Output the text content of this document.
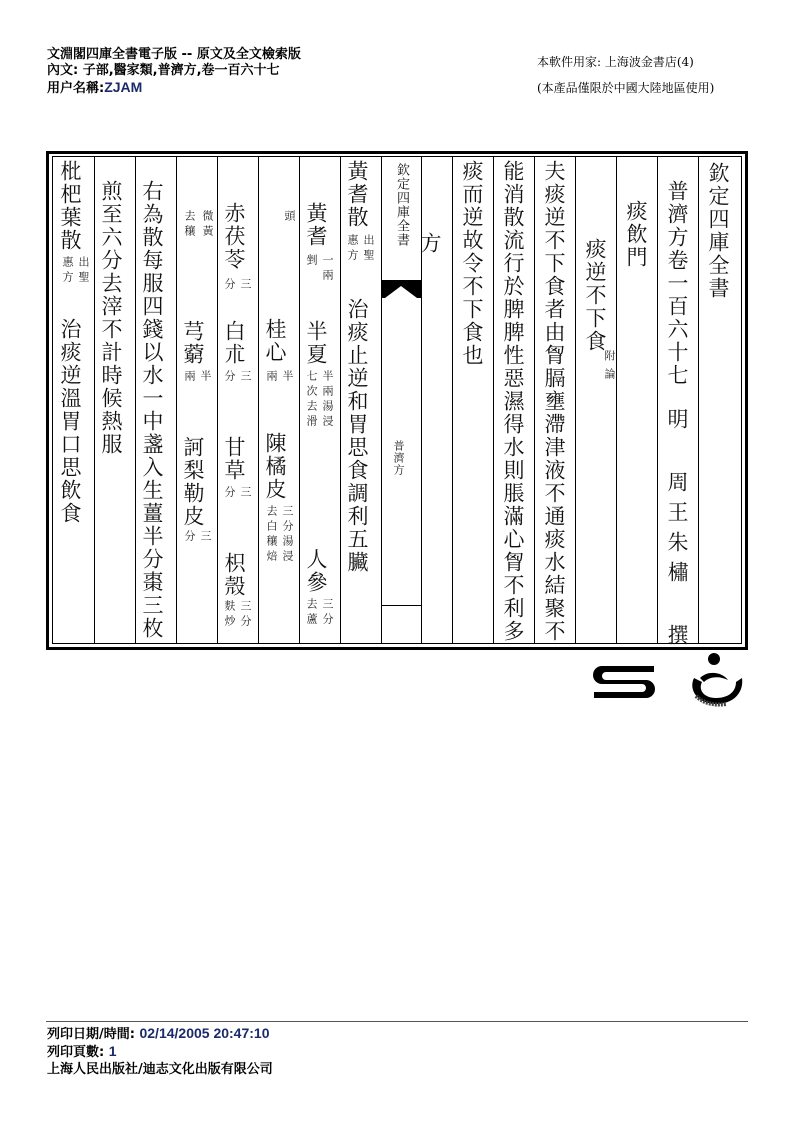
文淵閣四庫全書電子版 -- 原文及全文檢索版
內文: 子部,醫家類,普濟方,卷一百六十七
用户名稱:ZJAM
本軟件用家: 上海波金書店(4)
(本產品僅限於中國大陸地區使用)
欽定四庫全書
普濟方卷一百六十七
明 周王朱橚 撰
痰飲門
痰逆不下食
附
論
夫痰逆不下食者由胷膈壅滯津液不通痰水結聚不
能消散流行於脾脾性惡濕得水則脹滿心胷不利多
痰而逆故令不下食也
方
欽定四庫全書
普濟方
黃耆散
出聖
惠方
治痰止逆和胃思食調利五臟
黃耆
一兩
剉
半夏
半兩湯浸
七次去滑
人參
三分
去蘆
頭
桂心
半
兩
陳橘皮
三分湯浸
去白穰焙
赤茯苓
三
分
白朮
三
分
甘草
三
分
枳殼
三分
麩炒
微黃
去穰
芎藭
半
兩
訶梨勒皮
三
分
右為散每服四錢以水一中盞入生薑半分棗三枚
煎至六分去滓不計時候熱服
枇杷葉散
出聖
惠方
治痰逆溫胃口思飲食
列印日期/時間: 02/14/2005 20:47:10
列印頁數: 1
上海人民出版社/迪志文化出版有限公司
